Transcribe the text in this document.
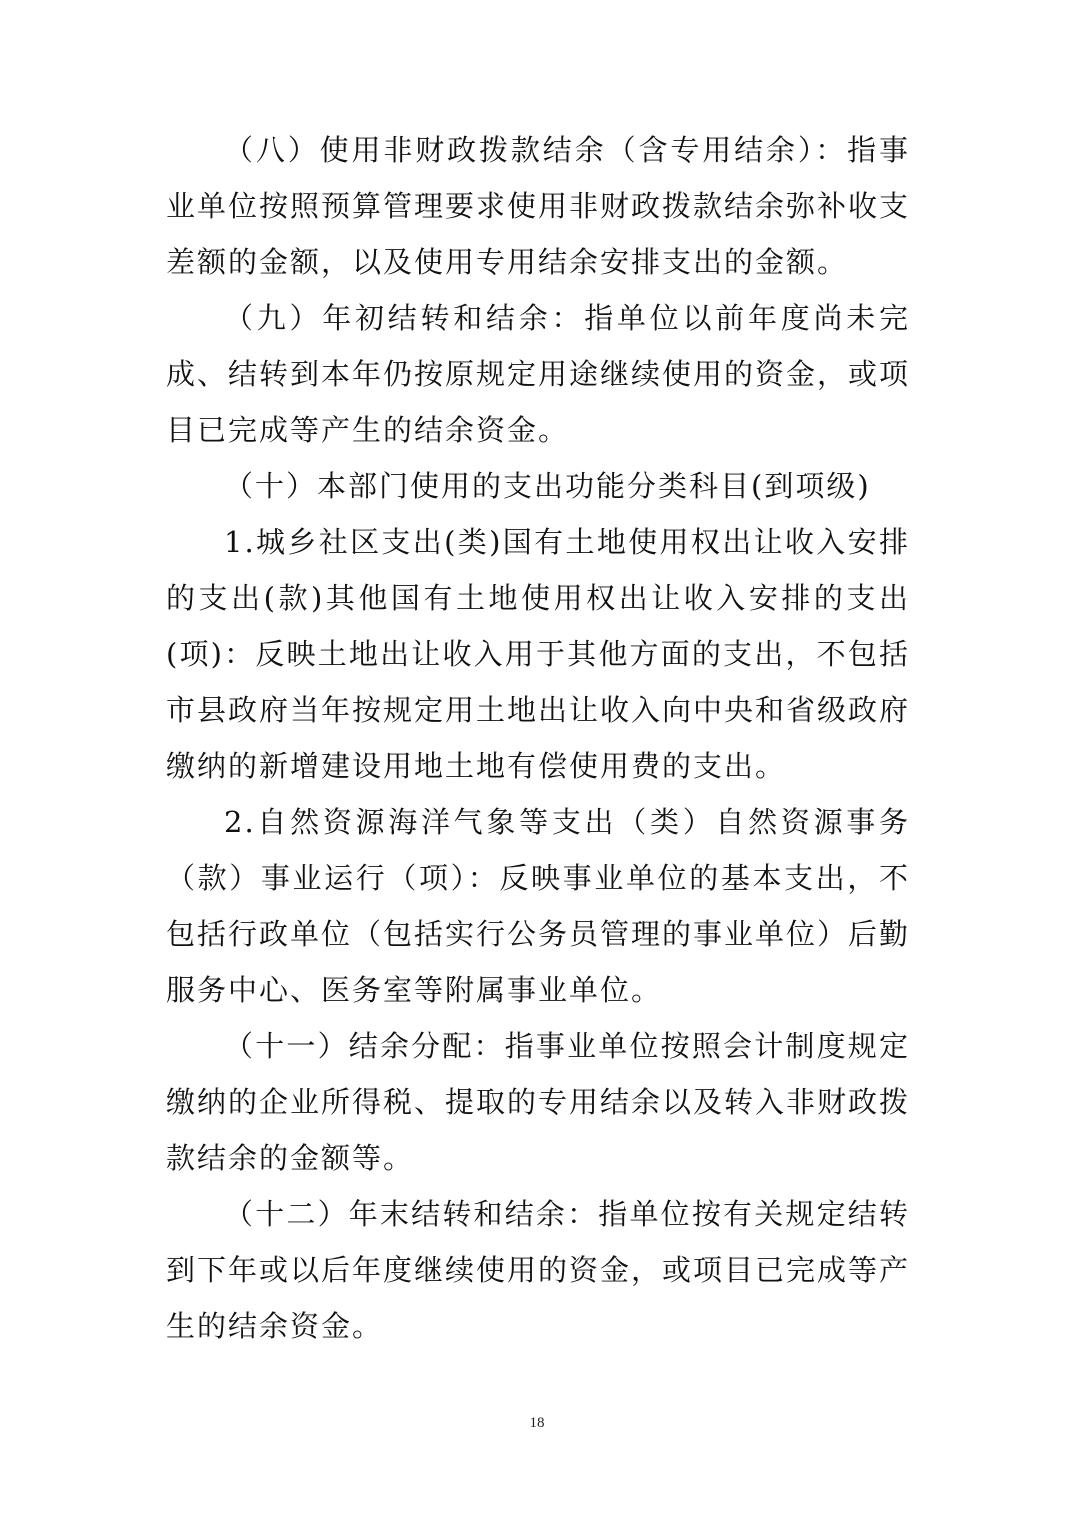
（八）使用非财政拨款结余（含专用结余）：指事业单位按照预算管理要求使用非财政拨款结余弥补收支差额的金额，以及使用专用结余安排支出的金额。

（九）年初结转和结余：指单位以前年度尚未完成、结转到本年仍按原规定用途继续使用的资金，或项目已完成等产生的结余资金。

（十）本部门使用的支出功能分类科目(到项级)

1.城乡社区支出(类)国有土地使用权出让收入安排的支出(款)其他国有土地使用权出让收入安排的支出(项)：反映土地出让收入用于其他方面的支出，不包括市县政府当年按规定用土地出让收入向中央和省级政府缴纳的新增建设用地土地有偿使用费的支出。

2.自然资源海洋气象等支出（类）自然资源事务（款）事业运行（项）：反映事业单位的基本支出，不包括行政单位（包括实行公务员管理的事业单位）后勤服务中心、医务室等附属事业单位。

（十一）结余分配：指事业单位按照会计制度规定缴纳的企业所得税、提取的专用结余以及转入非财政拨款结余的金额等。

（十二）年末结转和结余：指单位按有关规定结转到下年或以后年度继续使用的资金，或项目已完成等产生的结余资金。

18
